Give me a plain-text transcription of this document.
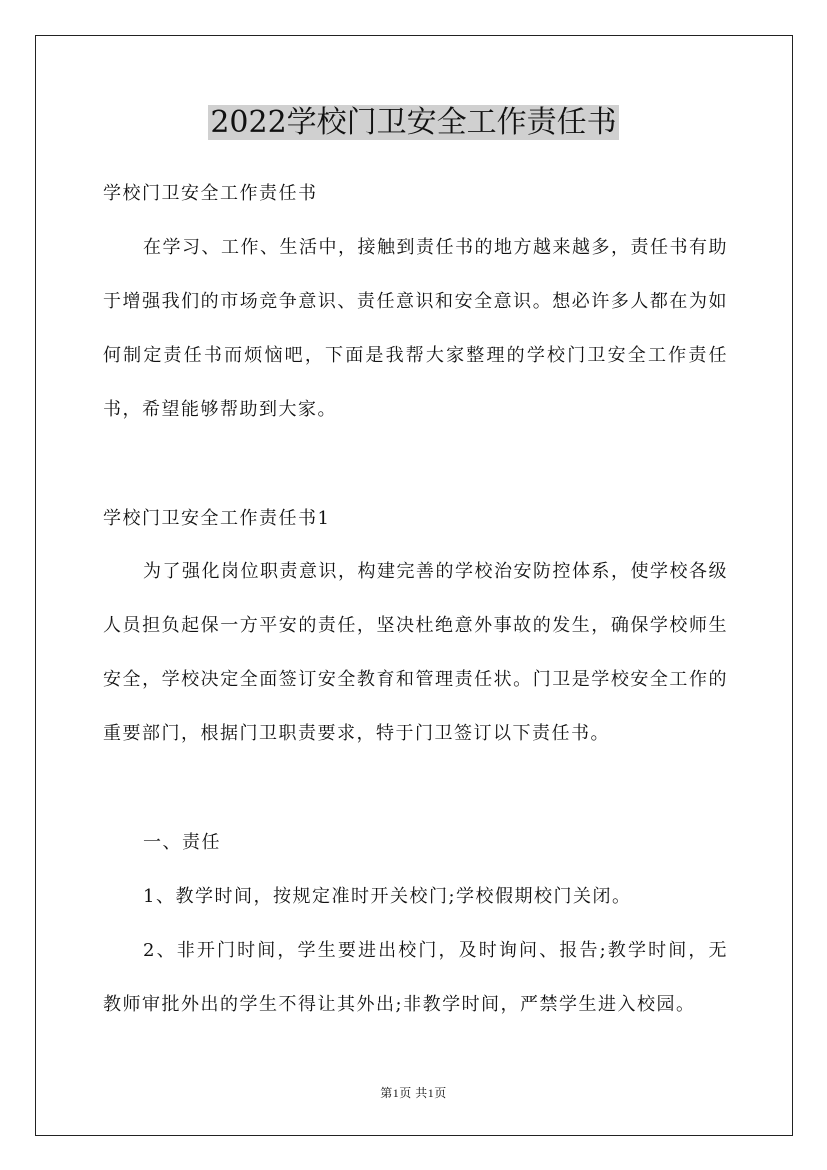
2022学校门卫安全工作责任书

学校门卫安全工作责任书

在学习、工作、生活中，接触到责任书的地方越来越多，责任书有助于增强我们的市场竞争意识、责任意识和安全意识。想必许多人都在为如何制定责任书而烦恼吧，下面是我帮大家整理的学校门卫安全工作责任书，希望能够帮助到大家。

学校门卫安全工作责任书1

为了强化岗位职责意识，构建完善的学校治安防控体系，使学校各级人员担负起保一方平安的责任，坚决杜绝意外事故的发生，确保学校师生安全，学校决定全面签订安全教育和管理责任状。门卫是学校安全工作的重要部门，根据门卫职责要求，特于门卫签订以下责任书。

一、责任

1、教学时间，按规定准时开关校门;学校假期校门关闭。

2、非开门时间，学生要进出校门，及时询问、报告;教学时间，无教师审批外出的学生不得让其外出;非教学时间，严禁学生进入校园。

第1页 共1页
